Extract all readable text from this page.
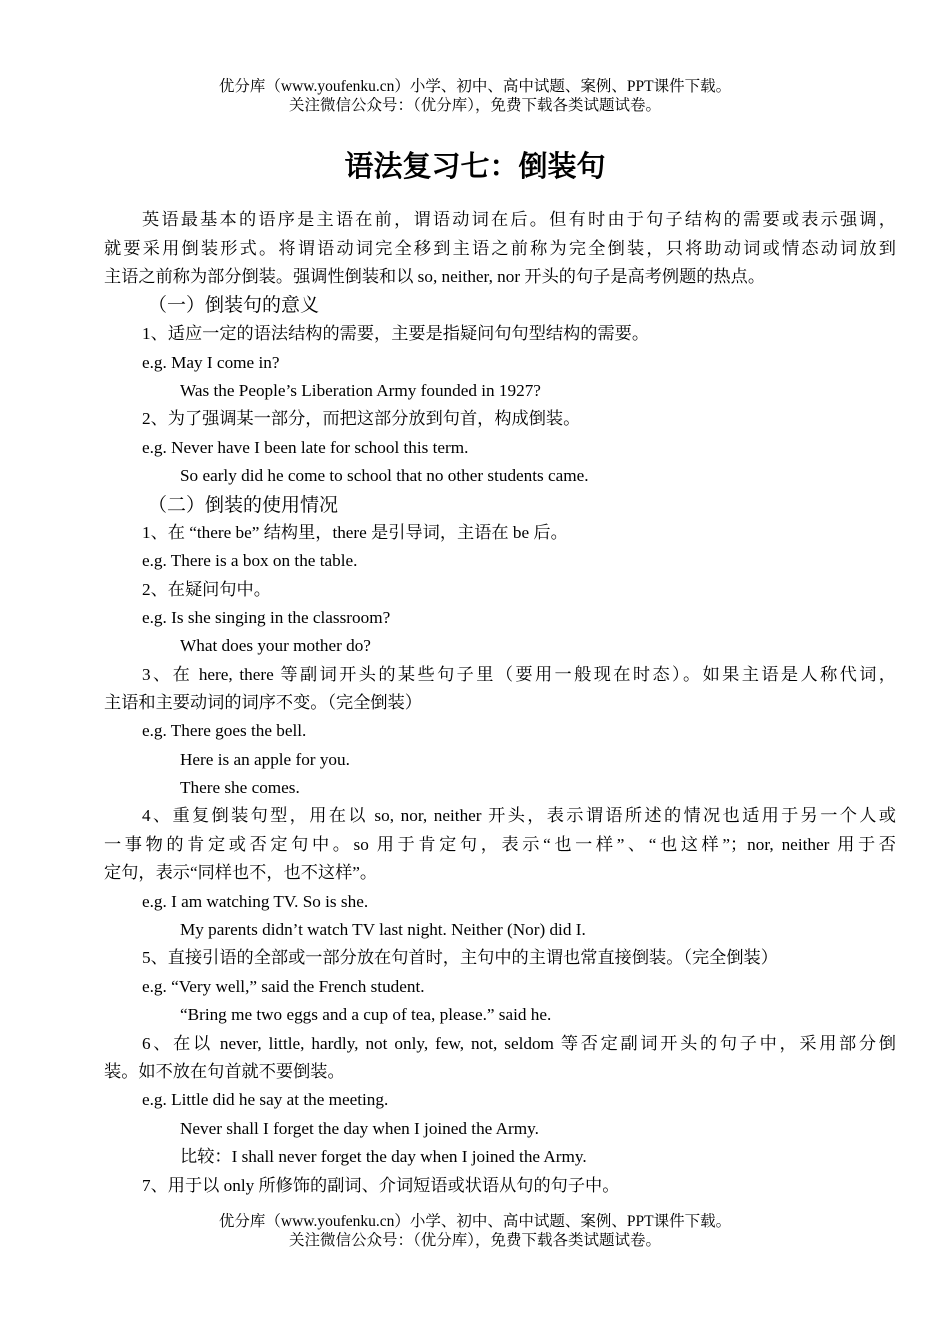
优分库（www.youfenku.cn）小学、初中、高中试题、案例、PPT课件下载。
关注微信公众号：（优分库），免费下载各类试题试卷。
语法复习七：倒装句
英语最基本的语序是主语在前，谓语动词在后。但有时由于句子结构的需要或表示强调，
就要采用倒装形式。将谓语动词完全移到主语之前称为完全倒装，只将助动词或情态动词放到
主语之前称为部分倒装。强调性倒装和以 so, neither, nor 开头的句子是高考例题的热点。
（一）倒装句的意义
1、适应一定的语法结构的需要，主要是指疑问句句型结构的需要。
e.g. May I come in?
Was the People’s Liberation Army founded in 1927?
2、为了强调某一部分，而把这部分放到句首，构成倒装。
e.g. Never have I been late for school this term.
So early did he come to school that no other students came.
（二）倒装的使用情况
1、在 “there be” 结构里，there 是引导词，主语在 be 后。
e.g. There is a box on the table.
2、在疑问句中。
e.g. Is she singing in the classroom?
What does your mother do?
3、在 here, there 等副词开头的某些句子里（要用一般现在时态）。如果主语是人称代词，
主语和主要动词的词序不变。（完全倒装）
e.g. There goes the bell.
Here is an apple for you.
There she comes.
4、重复倒装句型，用在以 so, nor, neither 开头，表示谓语所述的情况也适用于另一个人或
一事物的肯定或否定句中。so 用于肯定句，表示“也一样”、“也这样”；nor, neither 用于否
定句，表示“同样也不，也不这样”。
e.g. I am watching TV. So is she.
My parents didn’t watch TV last night. Neither (Nor) did I.
5、直接引语的全部或一部分放在句首时，主句中的主谓也常直接倒装。（完全倒装）
e.g. “Very well,” said the French student.
“Bring me two eggs and a cup of tea, please.” said he.
6、在以 never, little, hardly, not only, few, not, seldom 等否定副词开头的句子中，采用部分倒
装。如不放在句首就不要倒装。
e.g. Little did he say at the meeting.
Never shall I forget the day when I joined the Army.
比较：I shall never forget the day when I joined the Army.
7、用于以 only 所修饰的副词、介词短语或状语从句的句子中。
优分库（www.youfenku.cn）小学、初中、高中试题、案例、PPT课件下载。
关注微信公众号：（优分库），免费下载各类试题试卷。
